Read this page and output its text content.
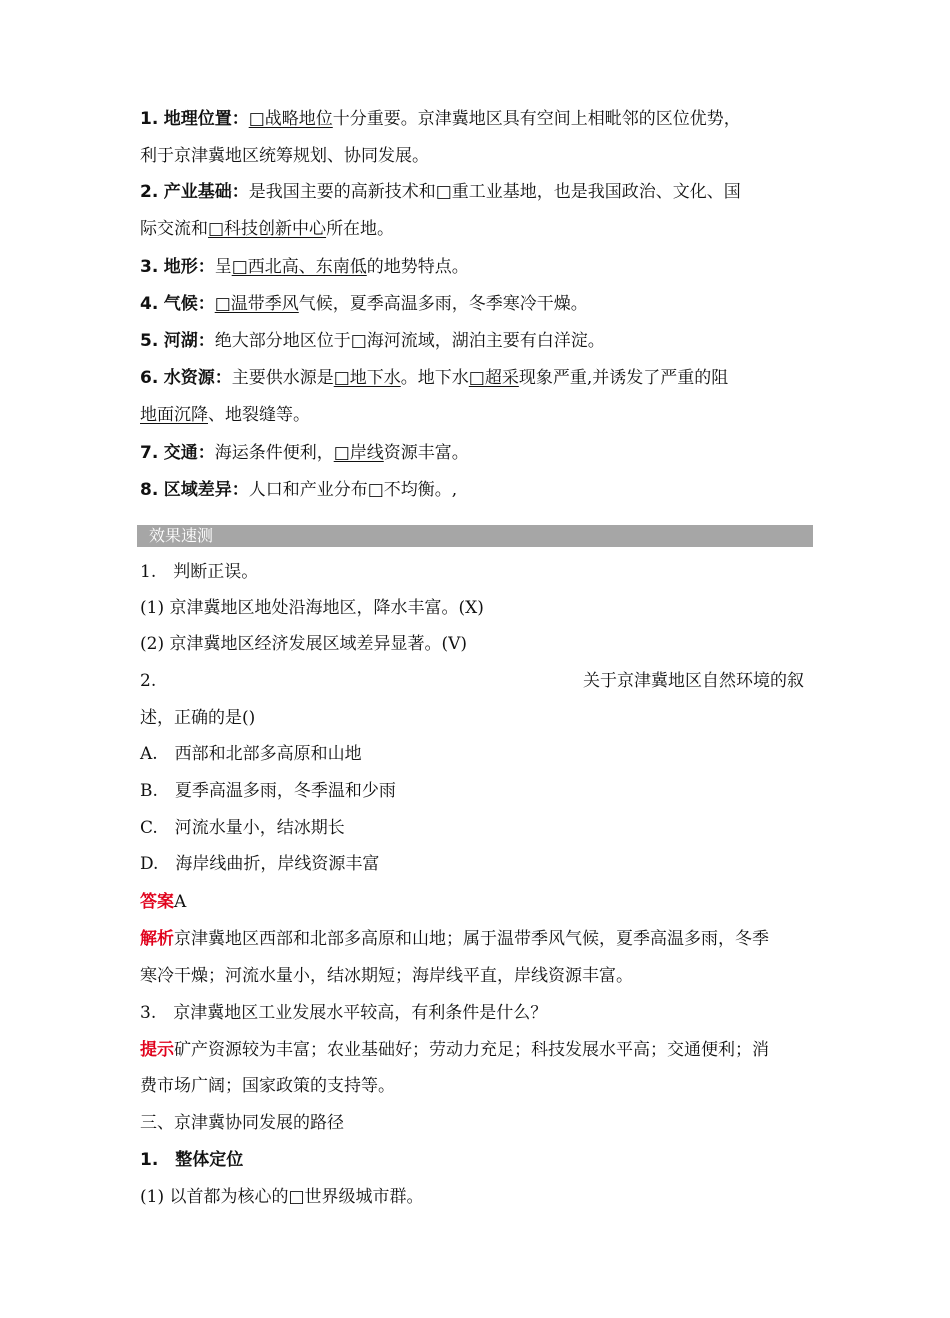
1. 地理位置：□战略地位十分重要。京津冀地区具有空间上相毗邻的区位优势，
利于京津冀地区统筹规划、协同发展。
2. 产业基础：是我国主要的高新技术和□重工业基地，也是我国政治、文化、国
际交流和□科技创新中心所在地。
3. 地形：呈□西北高、东南低的地势特点。
4. 气候：□温带季风气候，夏季高温多雨，冬季寒冷干燥。
5. 河湖：绝大部分地区位于□海河流域，湖泊主要有白洋淀。
6. 水资源：主要供水源是□地下水。地下水□超采现象严重,并诱发了严重的阻
地面沉降、地裂缝等。
7. 交通：海运条件便利，□岸线资源丰富。
8. 区域差异：人口和产业分布□不均衡。,
效果速测
1.　判断正误。
(1) 京津冀地区地处沿海地区，降水丰富。(X)
(2) 京津冀地区经济发展区域差异显著。(V)
2.	关于京津冀地区自然环境的叙
述，正确的是()
A.　西部和北部多高原和山地
B.　夏季高温多雨，冬季温和少雨
C.　河流水量小，结冰期长
D.　海岸线曲折，岸线资源丰富
答案A
解析京津冀地区西部和北部多高原和山地；属于温带季风气候，夏季高温多雨，冬季
寒冷干燥；河流水量小，结冰期短；海岸线平直，岸线资源丰富。
3.　京津冀地区工业发展水平较高，有利条件是什么？
提示矿产资源较为丰富；农业基础好；劳动力充足；科技发展水平高；交通便利；消
费市场广阔；国家政策的支持等。
三、京津冀协同发展的路径
1.　整体定位
(1) 以首都为核心的□世界级城市群。
